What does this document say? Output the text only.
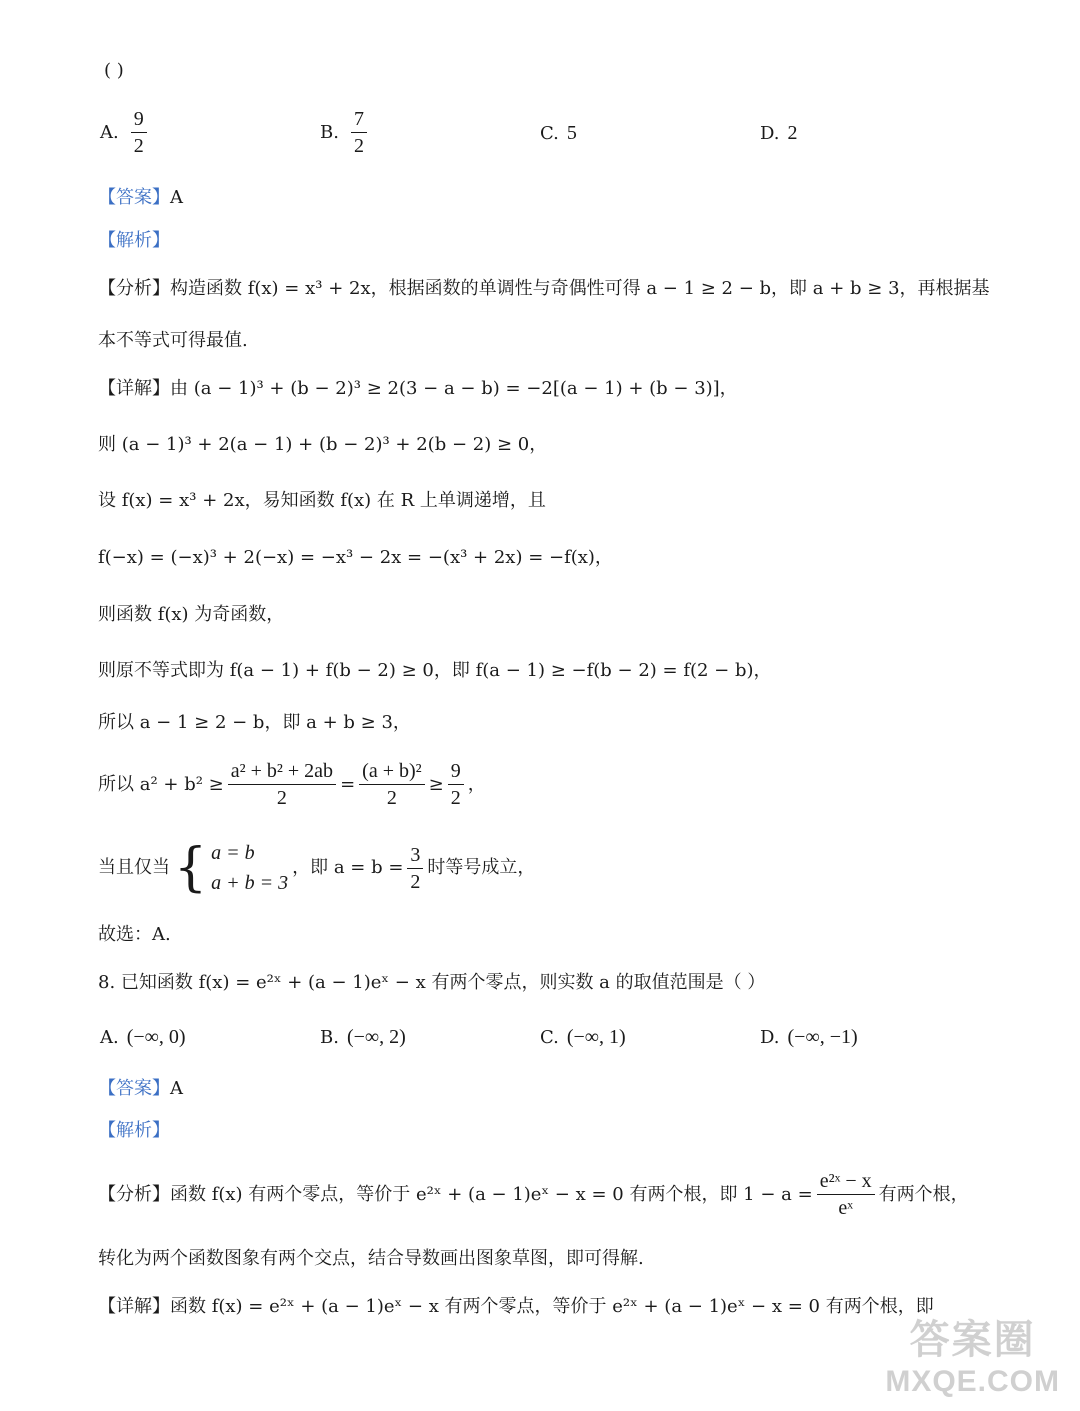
( )
A. $\frac{9}{2}$	B. $\frac{7}{2}$	C. 5	D. 2
【答案】A
【解析】
【分析】构造函数 f(x) = x³ + 2x，根据函数的单调性与奇偶性可得 a − 1 ≥ 2 − b，即 a + b ≥ 3，再根据基
本不等式可得最值.
【详解】由 (a − 1)³ + (b − 2)³ ≥ 2(3 − a − b) = −2[(a − 1) + (b − 3)]，
则 (a − 1)³ + 2(a − 1) + (b − 2)³ + 2(b − 2) ≥ 0，
设 f(x) = x³ + 2x，易知函数 f(x) 在 R 上单调递增，且
f(−x) = (−x)³ + 2(−x) = −x³ − 2x = −(x³ + 2x) = −f(x)，
则函数 f(x) 为奇函数，
则原不等式即为 f(a − 1) + f(b − 2) ≥ 0，即 f(a − 1) ≥ −f(b − 2) = f(2 − b)，
所以 a − 1 ≥ 2 − b，即 a + b ≥ 3，
所以 $a^2 + b^2 \ge \frac{\text{a² + b² + 2ab}}{2} = \frac{\text{(a + b)²}}{2} \ge \frac{9}{2}$ ，
当且仅当 { a = b
a + b = 3
，即 $a = b = \frac{3}{2}$ 时等号成立，
故选：A.
8. 已知函数 f(x) = e²ˣ + (a − 1)eˣ − x 有两个零点，则实数 a 的取值范围是（ ）
A. (−∞, 0)	B. (−∞, 2)	C. (−∞, 1)	D. (−∞, −1)
【答案】A
【解析】
【分析】 函数 f(x) 有两个零点，等价于 e²ˣ + (a − 1)eˣ − x = 0 有两个根，即 $1 - a = \frac{\text{e²ˣ − x}}{\text{eˣ}}$ 有两个根，
转化为两个函数图象有两个交点，结合导数画出图象草图，即可得解.
【详解】函数 f(x) = e²ˣ + (a − 1)eˣ − x 有两个零点，等价于 e²ˣ + (a − 1)eˣ − x = 0 有两个根，即
答案圈
MXQE.COM
